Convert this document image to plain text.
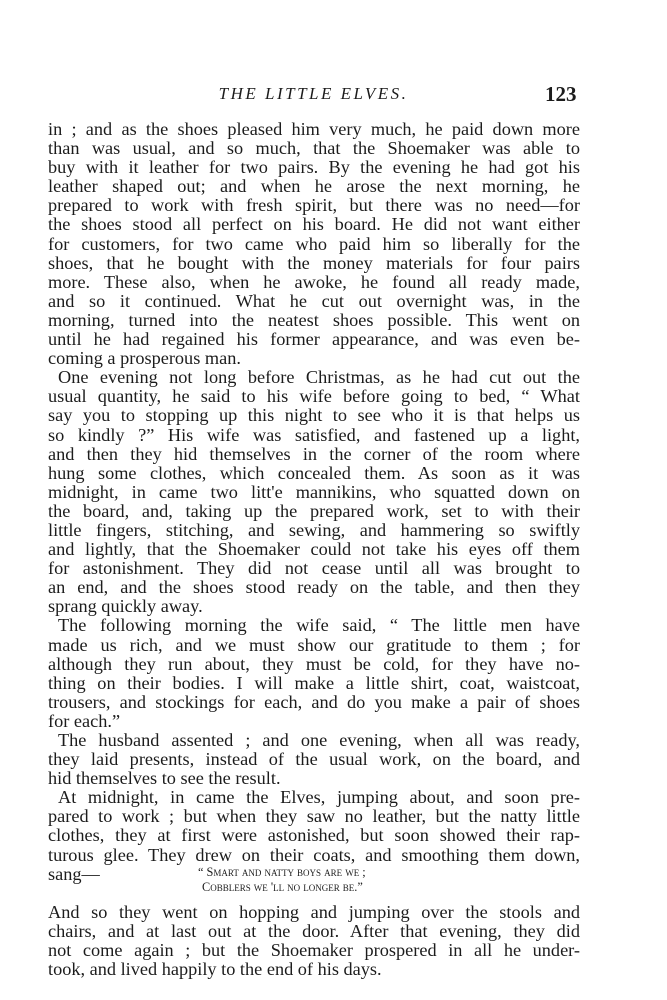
THE LITTLE ELVES.	123
in ; and as the shoes pleased him very much, he paid down more
than was usual, and so much, that the Shoemaker was able to
buy with it leather for two pairs. By the evening he had got his
leather shaped out; and when he arose the next morning, he
prepared to work with fresh spirit, but there was no need—for
the shoes stood all perfect on his board. He did not want either
for customers, for two came who paid him so liberally for the
shoes, that he bought with the money materials for four pairs
more. These also, when he awoke, he found all ready made,
and so it continued. What he cut out overnight was, in the
morning, turned into the neatest shoes possible. This went on
until he had regained his former appearance, and was even be-
coming a prosperous man.
One evening not long before Christmas, as he had cut out the
usual quantity, he said to his wife before going to bed, “ What
say you to stopping up this night to see who it is that helps us
so kindly ?” His wife was satisfied, and fastened up a light,
and then they hid themselves in the corner of the room where
hung some clothes, which concealed them. As soon as it was
midnight, in came two litt'e mannikins, who squatted down on
the board, and, taking up the prepared work, set to with their
little fingers, stitching, and sewing, and hammering so swiftly
and lightly, that the Shoemaker could not take his eyes off them
for astonishment. They did not cease until all was brought to
an end, and the shoes stood ready on the table, and then they
sprang quickly away.
The following morning the wife said, “ The little men have
made us rich, and we must show our gratitude to them ; for
although they run about, they must be cold, for they have no-
thing on their bodies. I will make a little shirt, coat, waistcoat,
trousers, and stockings for each, and do you make a pair of shoes
for each.”
The husband assented ; and one evening, when all was ready,
they laid presents, instead of the usual work, on the board, and
hid themselves to see the result.
At midnight, in came the Elves, jumping about, and soon pre-
pared to work ; but when they saw no leather, but the natty little
clothes, they at first were astonished, but soon showed their rap-
turous glee. They drew on their coats, and smoothing them down,
sang—	“ Smart and natty boys are we ;
Cobblers we 'll no longer be.”
And so they went on hopping and jumping over the stools and
chairs, and at last out at the door. After that evening, they did
not come again ; but the Shoemaker prospered in all he under-
took, and lived happily to the end of his days.
